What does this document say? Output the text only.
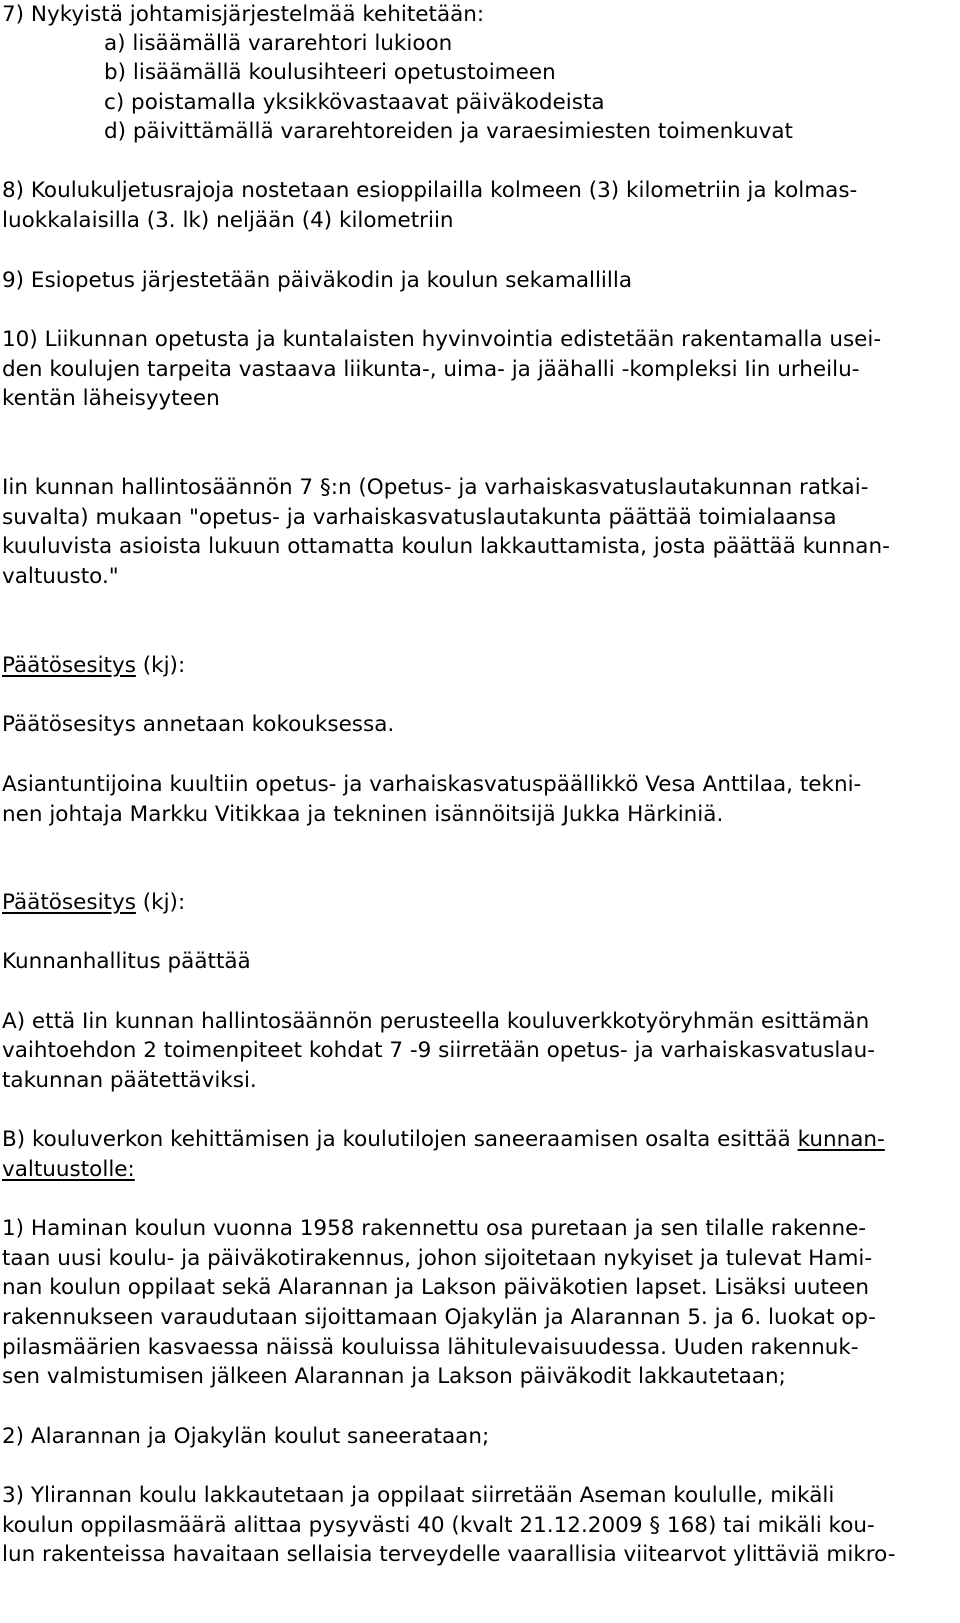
7) Nykyistä johtamisjärjestelmää kehitetään:
a) lisäämällä vararehtori lukioon
b) lisäämällä koulusihteeri opetustoimeen
c) poistamalla yksikkövastaavat päiväkodeista
d) päivittämällä vararehtoreiden ja varaesimiesten toimenkuvat
8) Koulukuljetusrajoja nostetaan esioppilailla kolmeen (3) kilometriin ja kolmas-
luokkalaisilla (3. lk) neljään (4) kilometriin
9) Esiopetus järjestetään päiväkodin ja koulun sekamallilla
10) Liikunnan opetusta ja kuntalaisten hyvinvointia edistetään rakentamalla usei-
den koulujen tarpeita vastaava liikunta-, uima- ja jäähalli -kompleksi Iin urheilu-
kentän läheisyyteen
Iin kunnan hallintosäännön 7 §:n (Opetus- ja varhaiskasvatuslautakunnan ratkai-
suvalta) mukaan "opetus- ja varhaiskasvatuslautakunta päättää toimialaansa
kuuluvista asioista lukuun ottamatta koulun lakkauttamista, josta päättää kunnan-
valtuusto."
Päätösesitys (kj):
Päätösesitys annetaan kokouksessa.
Asiantuntijoina kuultiin opetus- ja varhaiskasvatuspäällikkö Vesa Anttilaa, tekni-
nen johtaja Markku Vitikkaa ja tekninen isännöitsijä Jukka Härkiniä.
Päätösesitys (kj):
Kunnanhallitus päättää
A) että Iin kunnan hallintosäännön perusteella kouluverkkotyöryhmän esittämän
vaihtoehdon 2 toimenpiteet kohdat 7 -9 siirretään opetus- ja varhaiskasvatuslau-
takunnan päätettäviksi.
B) kouluverkon kehittämisen ja koulutilojen saneeraamisen osalta esittää kunnan-
valtuustolle:
1) Haminan koulun vuonna 1958 rakennettu osa puretaan ja sen tilalle rakenne-
taan uusi koulu- ja päiväkotirakennus, johon sijoitetaan nykyiset ja tulevat Hami-
nan koulun oppilaat sekä Alarannan ja Lakson päiväkotien lapset. Lisäksi uuteen
rakennukseen varaudutaan sijoittamaan Ojakylän ja Alarannan 5. ja 6. luokat op-
pilasmäärien kasvaessa näissä kouluissa lähitulevaisuudessa. Uuden rakennuk-
sen valmistumisen jälkeen Alarannan ja Lakson päiväkodit lakkautetaan;
2) Alarannan ja Ojakylän koulut saneerataan;
3) Ylirannan koulu lakkautetaan ja oppilaat siirretään Aseman koululle, mikäli
koulun oppilasmäärä alittaa pysyvästi 40 (kvalt 21.12.2009 § 168) tai mikäli kou-
lun rakenteissa havaitaan sellaisia terveydelle vaarallisia viitearvot ylittäviä mikro-
